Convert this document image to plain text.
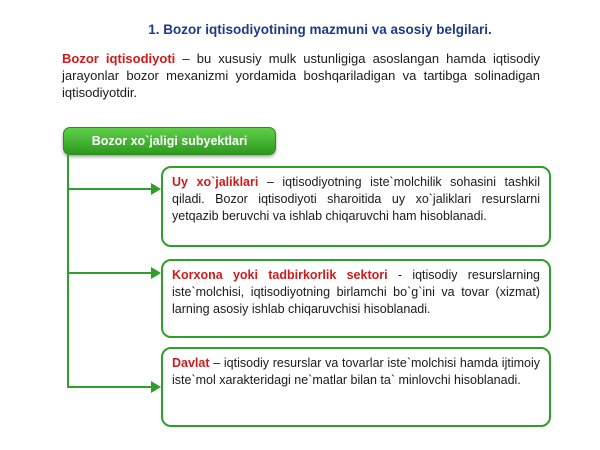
1. Bozor iqtisodiyotining mazmuni va asosiy belgilari.

Bozor iqtisodiyoti – bu xususiy mulk ustunligiga asoslangan hamda iqtisodiy jarayonlar bozor mexanizmi yordamida boshqariladigan va tartibga solinadigan iqtisodiyotdir.

Bozor xo`jaligi subyektlari

Uy xo`jaliklari – iqtisodiyotning iste`molchilik sohasini tashkil qiladi. Bozor iqtisodiyoti sharoitida uy xo`jaliklari resurslarni yetqazib beruvchi va ishlab chiqaruvchi ham hisoblanadi.

Korxona yoki tadbirkorlik sektori - iqtisodiy resurslarning iste`molchisi, iqtisodiyotning birlamchi bo`g`ini va tovar (xizmat) larning asosiy ishlab chiqaruvchisi hisoblanadi.

Davlat – iqtisodiy resurslar va tovarlar iste`molchisi hamda ijtimoiy iste`mol xarakteridagi ne`matlar bilan ta` minlovchi hisoblanadi.
